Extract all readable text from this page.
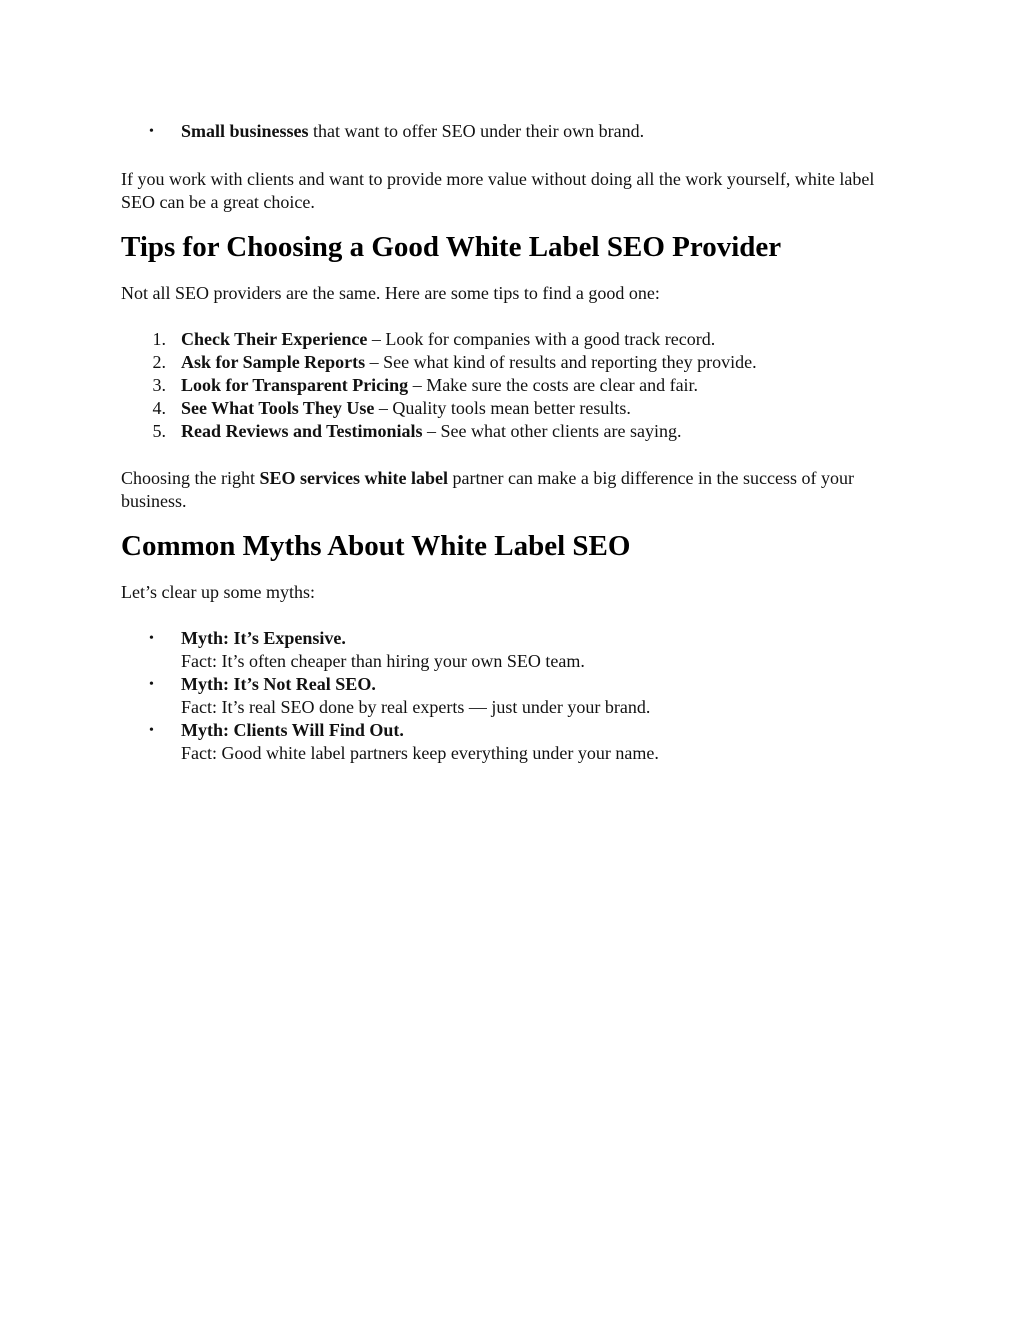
• Small businesses that want to offer SEO under their own brand.

If you work with clients and want to provide more value without doing all the work yourself, white label SEO can be a great choice.

Tips for Choosing a Good White Label SEO Provider

Not all SEO providers are the same. Here are some tips to find a good one:

1. Check Their Experience – Look for companies with a good track record.
2. Ask for Sample Reports – See what kind of results and reporting they provide.
3. Look for Transparent Pricing – Make sure the costs are clear and fair.
4. See What Tools They Use – Quality tools mean better results.
5. Read Reviews and Testimonials – See what other clients are saying.

Choosing the right SEO services white label partner can make a big difference in the success of your business.

Common Myths About White Label SEO

Let’s clear up some myths:

• Myth: It’s Expensive.
Fact: It’s often cheaper than hiring your own SEO team.
• Myth: It’s Not Real SEO.
Fact: It’s real SEO done by real experts — just under your brand.
• Myth: Clients Will Find Out.
Fact: Good white label partners keep everything under your name.
